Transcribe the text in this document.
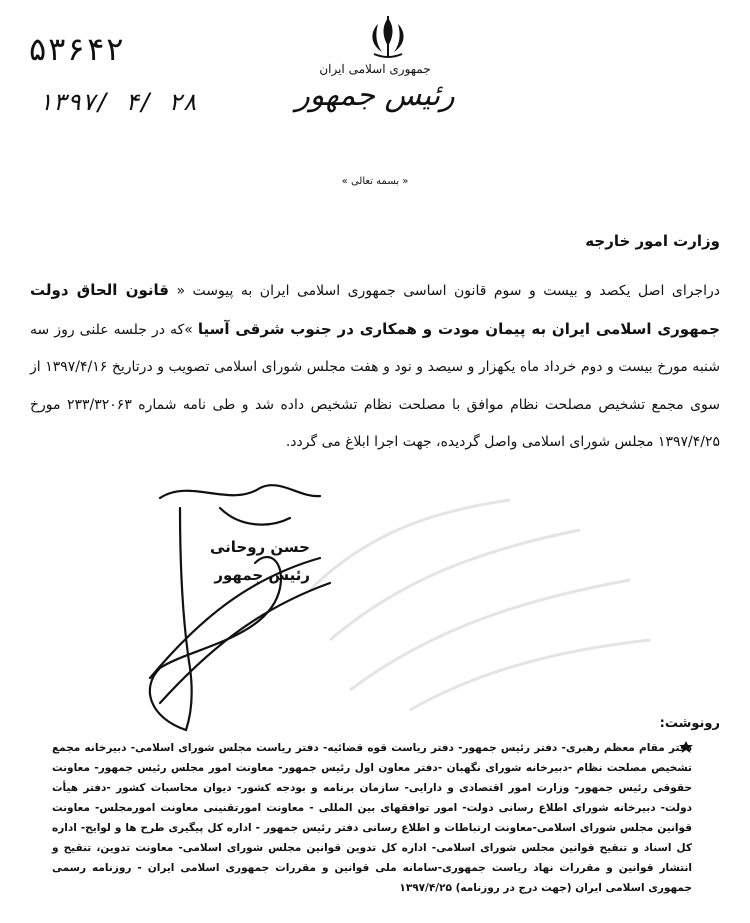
جمهوری اسلامی ایران
رئیس جمهور
۵۳۶۴۲
۱۳۹۷/ ۴/ ۲۸
« بسمه تعالی »
وزارت امور خارجه
دراجرای اصل یکصد و بیست و سوم قانون اساسی جمهوری اسلامی ایران به پیوست « قانون الحاق دولت جمهوری اسلامی ایران به پیمان مودت و همکاری در جنوب شرقی آسیا »که در جلسه علنی روز سه شنبه مورخ بیست و دوم خرداد ماه یکهزار و سیصد و نود و هفت مجلس شورای اسلامی تصویب و درتاریخ ۱۳۹۷/۴/۱۶ از سوی مجمع تشخیص مصلحت نظام موافق با مصلحت نظام تشخیص داده شد و طی نامه شماره ۲۳۳/۳۲۰۶۳ مورخ ۱۳۹۷/۴/۲۵ مجلس شورای اسلامی واصل گردیده، جهت اجرا ابلاغ می گردد.
حسن روحانی
رئیس جمهور
رونوشت:
دفتر مقام معظم رهبری- دفتر رئیس جمهور- دفتر ریاست قوه قضائیه- دفتر ریاست مجلس شورای اسلامی- دبیرخانه مجمع تشخیص مصلحت نظام -دبیرخانه شورای نگهبان -دفتر معاون اول رئیس جمهور- معاونت امور مجلس رئیس جمهور- معاونت حقوقی رئیس جمهور- وزارت امور اقتصادی و دارایی- سازمان برنامه و بودجه کشور- دیوان محاسبات کشور -دفتر هیأت دولت- دبیرخانه شورای اطلاع رسانی دولت- امور توافقهای بین المللی - معاونت امورتقنینی معاونت امورمجلس- معاونت قوانین مجلس شورای اسلامی-معاونت ارتباطات و اطلاع رسانی دفتر رئیس جمهور - اداره کل پیگیری طرح ها و لوایح- اداره کل اسناد و تنقیح قوانین مجلس شورای اسلامی- اداره کل تدوین قوانین مجلس شورای اسلامی- معاونت تدوین، تنقیح و انتشار قوانین و مقررات نهاد ریاست جمهوری-سامانه ملی قوانین و مقررات جمهوری اسلامی ایران - روزنامه رسمی جمهوری اسلامی ایران (جهت درج در روزنامه) ۱۳۹۷/۴/۲۵
